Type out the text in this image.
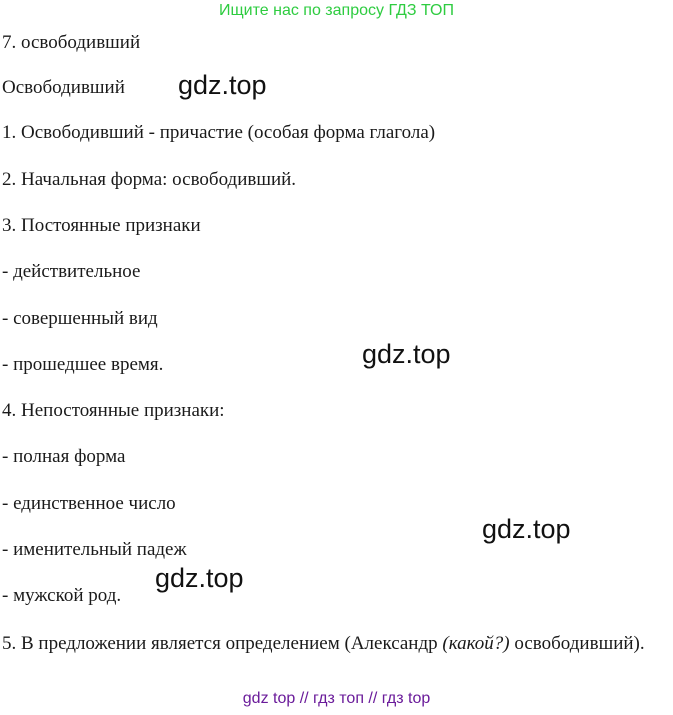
Ищите нас по запросу ГДЗ ТОП
7. освободивший
Освободивший
1. Освободивший - причастие (особая форма глагола)
2. Начальная форма: освободивший.
3. Постоянные признаки
- действительное
- совершенный вид
- прошедшее время.
4. Непостоянные признаки:
- полная форма
- единственное число
- именительный падеж
- мужской род.
5. В предложении является определением (Александр (какой?) освободивший).
gdz.top
gdz.top
gdz.top
gdz.top
gdz top // гдз топ // гдз top
